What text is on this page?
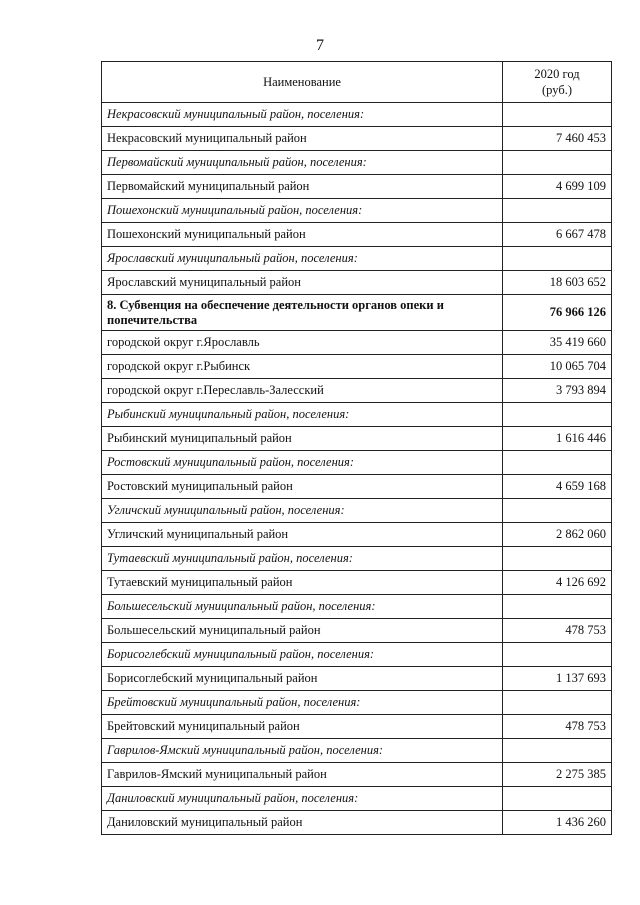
7
Наименование	2020 год
(руб.)
Некрасовский муниципальный район, поселения:	
Некрасовский муниципальный район	7 460 453
Первомайский муниципальный район, поселения:	
Первомайский муниципальный район	4 699 109
Пошехонский муниципальный район, поселения:	
Пошехонский муниципальный район	6 667 478
Ярославский муниципальный район, поселения:	
Ярославский муниципальный район	18 603 652
8. Субвенция на обеспечение деятельности органов опеки и попечительства	76 966 126
городской округ г.Ярославль	35 419 660
городской округ г.Рыбинск	10 065 704
городской округ г.Переславль-Залесский	3 793 894
Рыбинский муниципальный район, поселения:	
Рыбинский муниципальный район	1 616 446
Ростовский муниципальный район, поселения:	
Ростовский муниципальный район	4 659 168
Угличский муниципальный район, поселения:	
Угличский муниципальный район	2 862 060
Тутаевский муниципальный район, поселения:	
Тутаевский муниципальный район	4 126 692
Большесельский муниципальный район, поселения:	
Большесельский муниципальный район	478 753
Борисоглебский муниципальный район, поселения:	
Борисоглебский муниципальный район	1 137 693
Брейтовский муниципальный район, поселения:	
Брейтовский муниципальный район	478 753
Гаврилов-Ямский муниципальный район, поселения:	
Гаврилов-Ямский муниципальный район	2 275 385
Даниловский муниципальный район, поселения:	
Даниловский муниципальный район	1 436 260
